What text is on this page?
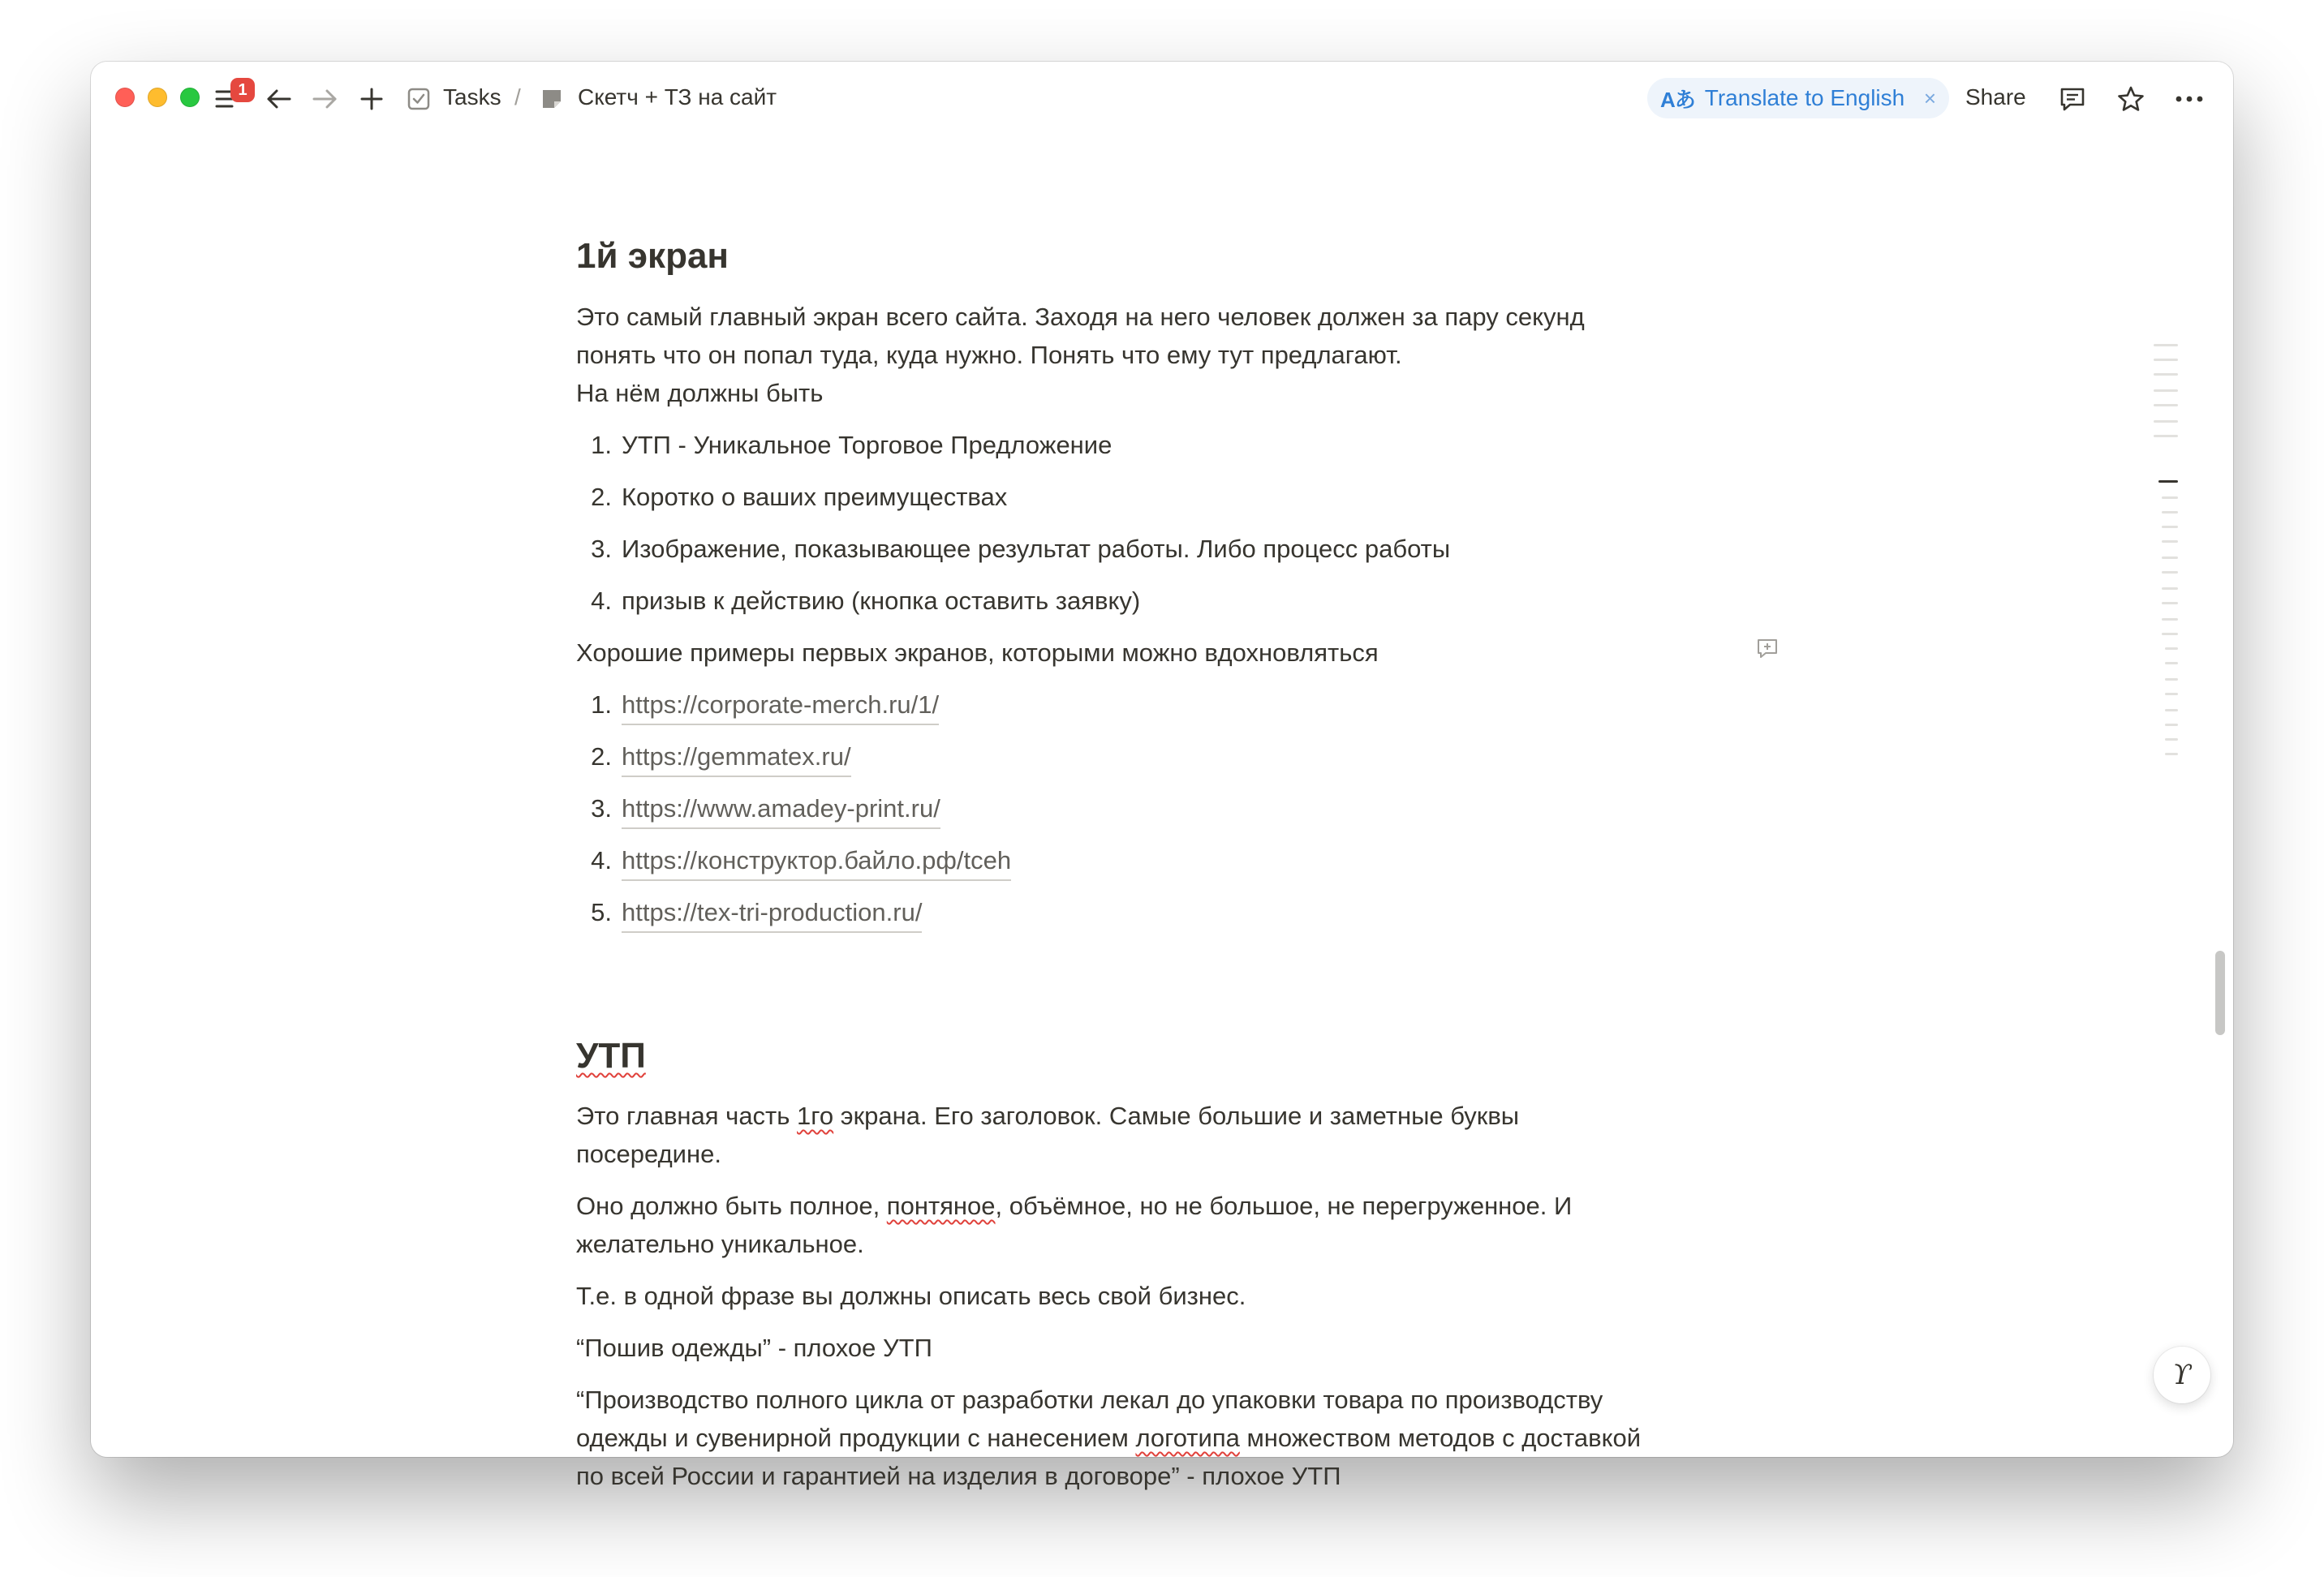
1	Tasks /	Скетч + ТЗ на сайт	Aあ Translate to English × Share
1й экран
Это самый главный экран всего сайта. Заходя на него человек должен за пару секунд
понять что он попал туда, куда нужно. Понять что ему тут предлагают.
На нём должны быть
1. УТП - Уникальное Торговое Предложение
2. Коротко о ваших преимуществах
3. Изображение, показывающее результат работы. Либо процесс работы
4. призыв к действию (кнопка оставить заявку)
Хорошие примеры первых экранов, которыми можно вдохновляться
1. https://corporate-merch.ru/1/
2. https://gemmatex.ru/
3. https://www.amadey-print.ru/
4. https://конструктор.байло.рф/tceh
5. https://tex-tri-production.ru/
УТП
Это главная часть 1го экрана. Его заголовок. Самые большие и заметные буквы
посередине.
Оно должно быть полное, понтяное, объёмное, но не большое, не перегруженное. И
желательно уникальное.
Т.е. в одной фразе вы должны описать весь свой бизнес.
“Пошив одежды” - плохое УТП
“Производство полного цикла от разработки лекал до упаковки товара по производству
одежды и сувенирной продукции с нанесением логотипа множеством методов с доставкой
по всей России и гарантией на изделия в договоре” - плохое УТП
ϒ
